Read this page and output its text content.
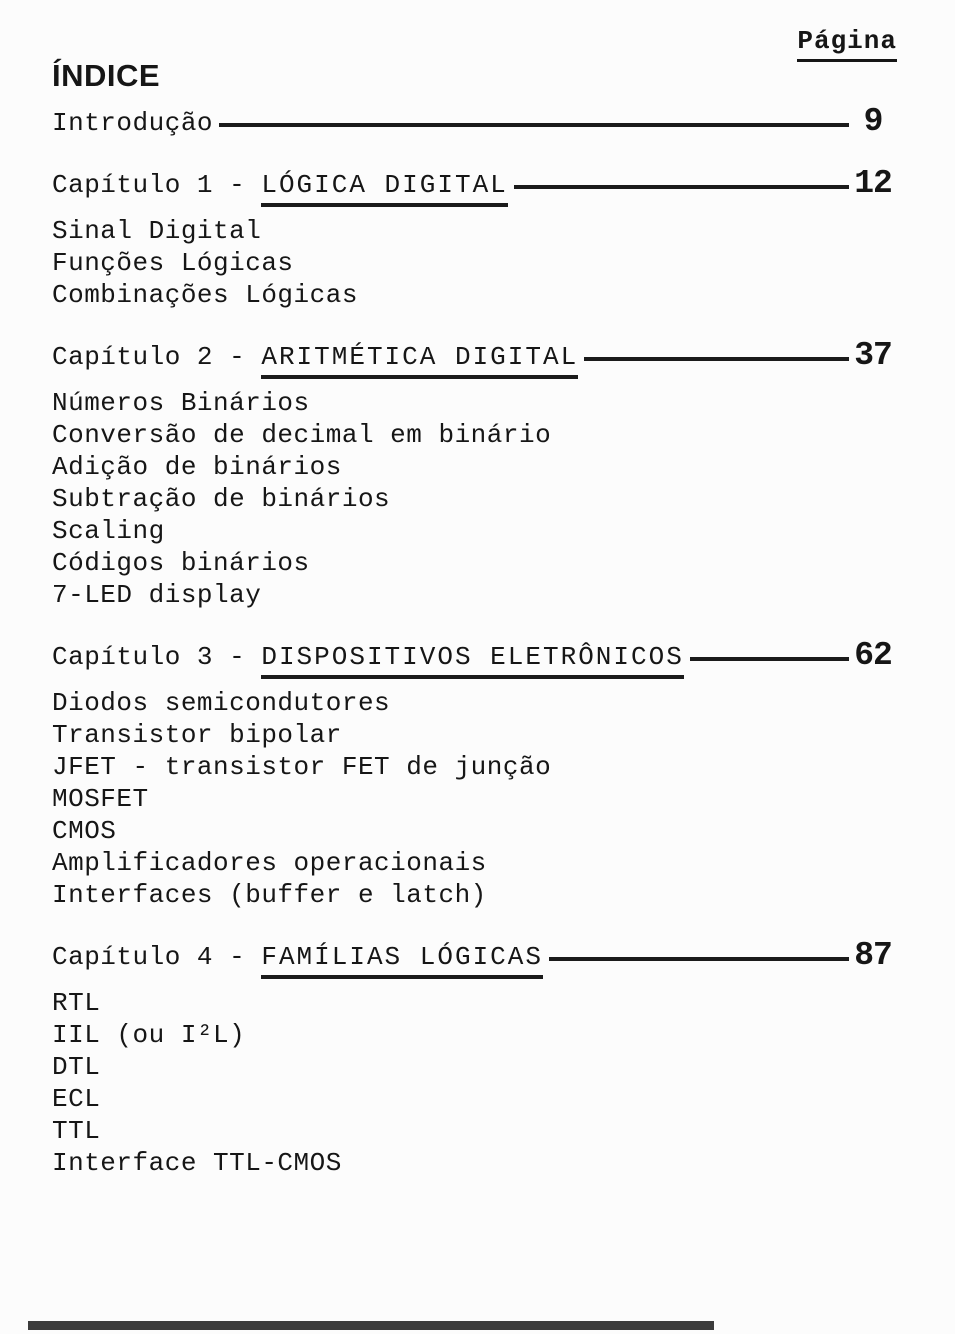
Página
ÍNDICE
Introdução	9
Capítulo 1 - LÓGICA DIGITAL	12
Sinal Digital
Funções Lógicas
Combinações Lógicas
Capítulo 2 - ARITMÉTICA DIGITAL	37
Números Binários
Conversão de decimal em binário
Adição de binários
Subtração de binários
Scaling
Códigos binários
7-LED display
Capítulo 3 - DISPOSITIVOS ELETRÔNICOS	62
Diodos semicondutores
Transistor bipolar
JFET - transistor FET de junção
MOSFET
CMOS
Amplificadores operacionais
Interfaces (buffer e latch)
Capítulo 4 - FAMÍLIAS LÓGICAS	87
RTL
IIL (ou I²L)
DTL
ECL
TTL
Interface TTL-CMOS
